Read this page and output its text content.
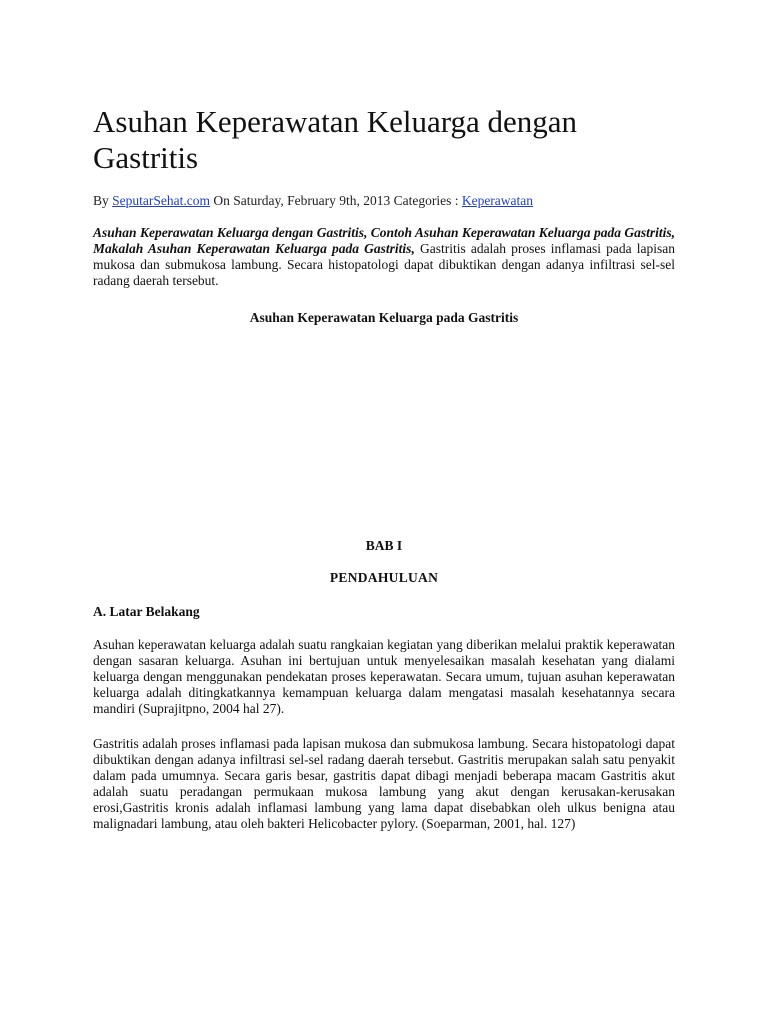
Asuhan Keperawatan Keluarga dengan Gastritis
By SeputarSehat.com On Saturday, February 9th, 2013 Categories : Keperawatan

Asuhan Keperawatan Keluarga dengan Gastritis, Contoh Asuhan Keperawatan Keluarga pada Gastritis, Makalah Asuhan Keperawatan Keluarga pada Gastritis, Gastritis adalah proses inflamasi pada lapisan mukosa dan submukosa lambung. Secara histopatologi dapat dibuktikan dengan adanya infiltrasi sel-sel radang daerah tersebut.

Asuhan Keperawatan Keluarga pada Gastritis
BAB I
PENDAHULUAN
A. Latar Belakang

Asuhan keperawatan keluarga adalah suatu rangkaian kegiatan yang diberikan melalui praktik keperawatan dengan sasaran keluarga. Asuhan ini bertujuan untuk menyelesaikan masalah kesehatan yang dialami keluarga dengan menggunakan pendekatan proses keperawatan. Secara umum, tujuan asuhan keperawatan keluarga adalah ditingkatkannya kemampuan keluarga dalam mengatasi masalah kesehatannya secara mandiri (Suprajitpno, 2004 hal 27).

Gastritis adalah proses inflamasi pada lapisan mukosa dan submukosa lambung. Secara histopatologi dapat dibuktikan dengan adanya infiltrasi sel-sel radang daerah tersebut. Gastritis merupakan salah satu penyakit dalam pada umumnya. Secara garis besar, gastritis dapat dibagi menjadi beberapa macam Gastritis akut adalah suatu peradangan permukaan mukosa lambung yang akut dengan kerusakan-kerusakan erosi,Gastritis kronis adalah inflamasi lambung yang lama dapat disebabkan oleh ulkus benigna atau malignadari lambung, atau oleh bakteri Helicobacter pylory. (Soeparman, 2001, hal. 127)
